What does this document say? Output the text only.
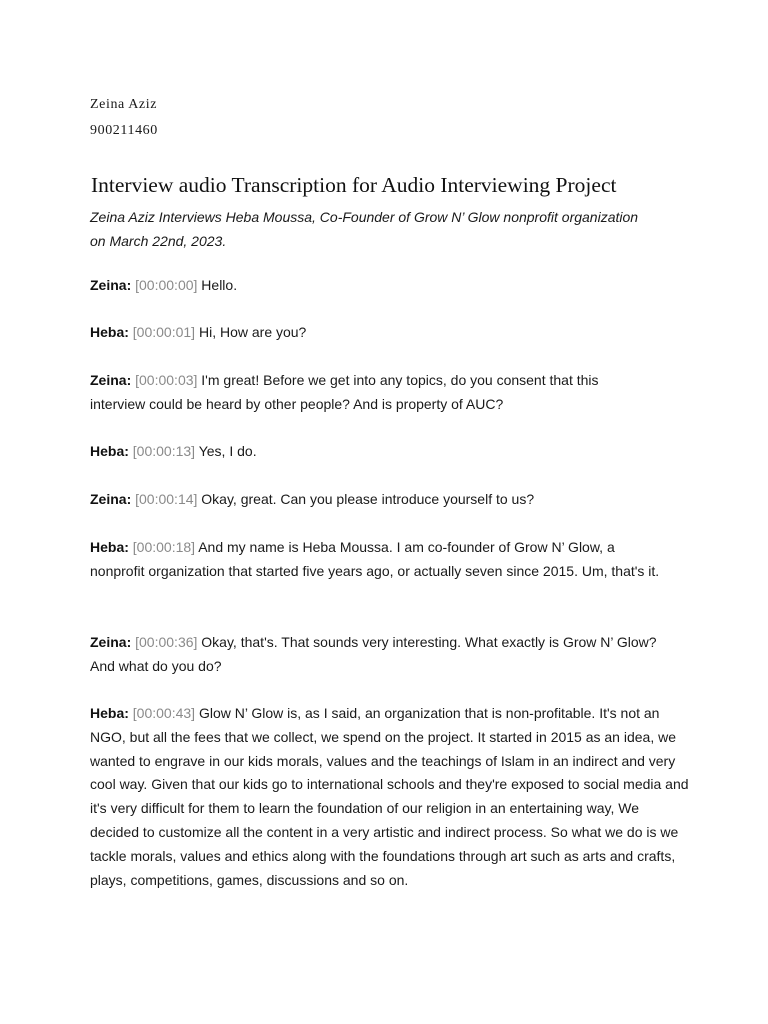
Zeina Aziz
900211460
Interview audio Transcription for Audio Interviewing Project
Zeina Aziz Interviews Heba Moussa, Co-Founder of Grow N’ Glow nonprofit organization on March 22nd, 2023.
Zeina: [00:00:00] Hello.
Heba: [00:00:01] Hi, How are you?
Zeina: [00:00:03] I'm great! Before we get into any topics, do you consent that this interview could be heard by other people? And is property of AUC?
Heba: [00:00:13] Yes, I do.
Zeina: [00:00:14] Okay, great. Can you please introduce yourself to us?
Heba: [00:00:18] And my name is Heba Moussa. I am co-founder of Grow N’ Glow, a nonprofit organization that started five years ago, or actually seven since 2015. Um, that's it.
Zeina: [00:00:36] Okay, that's. That sounds very interesting. What exactly is Grow N’ Glow? And what do you do?
Heba: [00:00:43] Glow N’ Glow is, as I said, an organization that is non-profitable. It's not an NGO, but all the fees that we collect, we spend on the project. It started in 2015 as an idea, we wanted to engrave in our kids morals, values and the teachings of Islam in an indirect and very cool way. Given that our kids go to international schools and they're exposed to social media and it's very difficult for them to learn the foundation of our religion in an entertaining way, We decided to customize all the content in a very artistic and indirect process. So what we do is we tackle morals, values and ethics along with the foundations through art such as arts and crafts, plays, competitions, games, discussions and so on.
